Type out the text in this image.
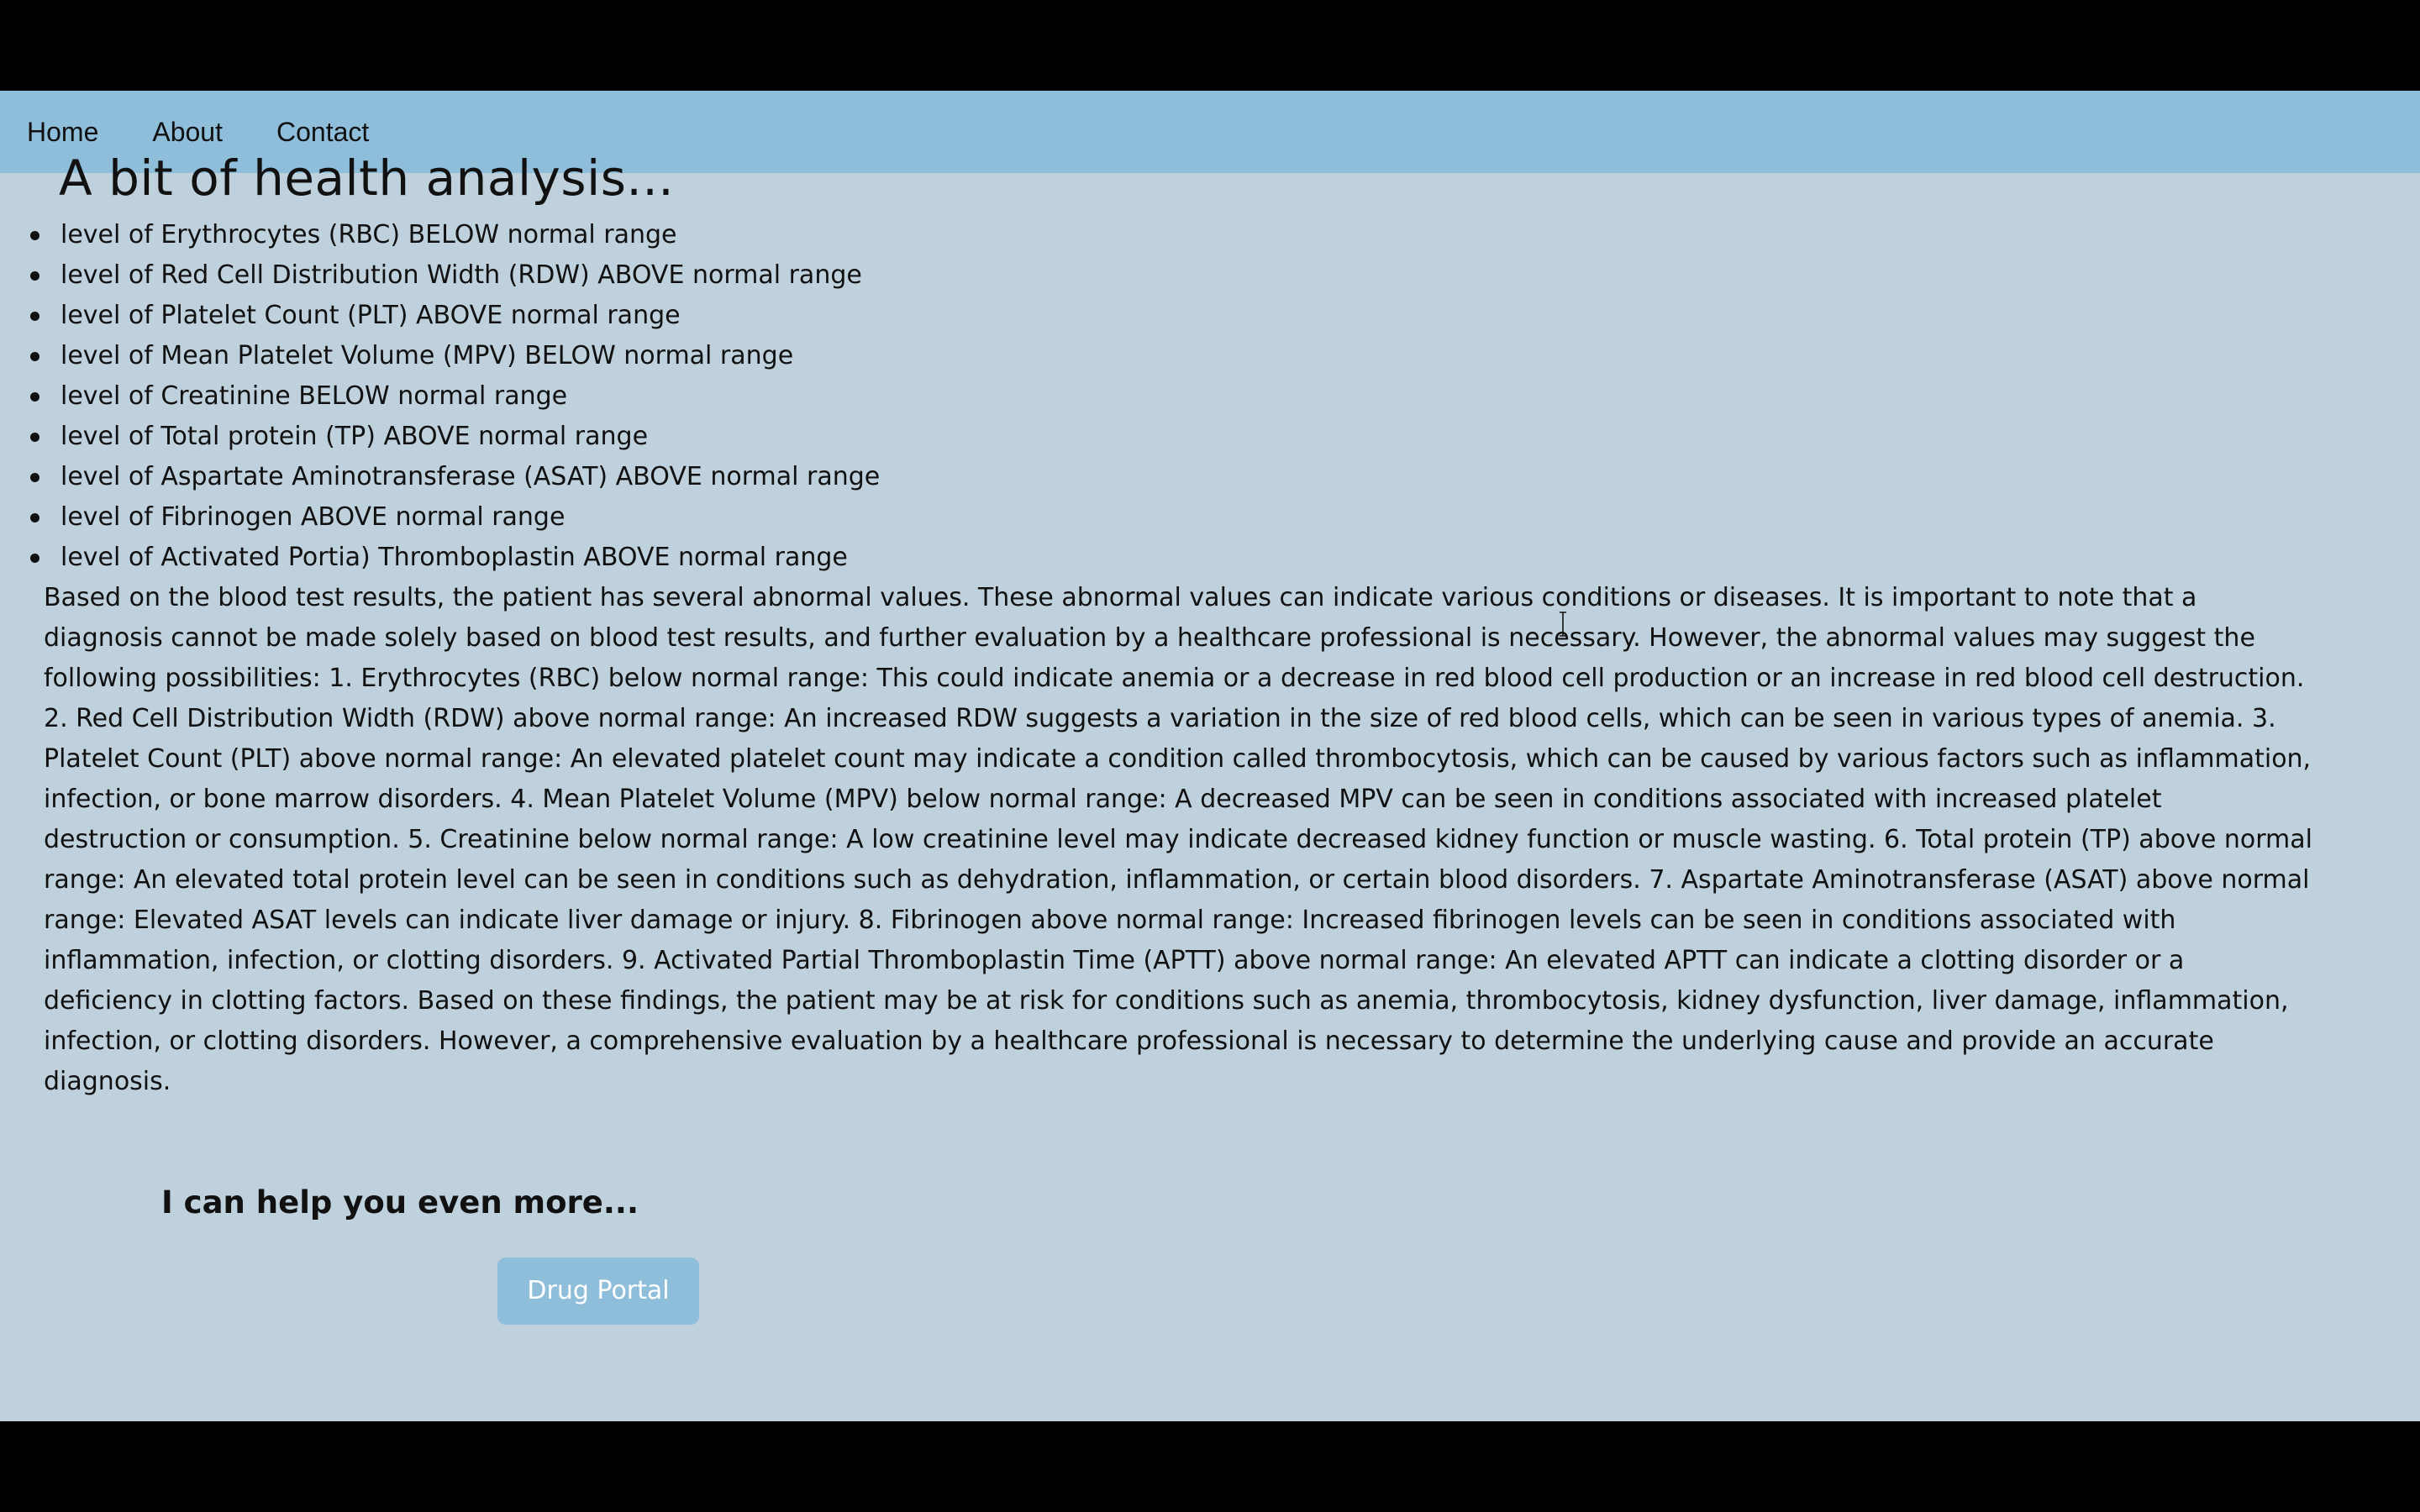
Home About Contact
A bit of health analysis...
level of Erythrocytes (RBC) BELOW normal range
level of Red Cell Distribution Width (RDW) ABOVE normal range
level of Platelet Count (PLT) ABOVE normal range
level of Mean Platelet Volume (MPV) BELOW normal range
level of Creatinine BELOW normal range
level of Total protein (TP) ABOVE normal range
level of Aspartate Aminotransferase (ASAT) ABOVE normal range
level of Fibrinogen ABOVE normal range
level of Activated Portia) Thromboplastin ABOVE normal range

Based on the blood test results, the patient has several abnormal values. These abnormal values can indicate various conditions or diseases. It is important to note that a diagnosis cannot be made solely based on blood test results, and further evaluation by a healthcare professional is necessary. However, the abnormal values may suggest the following possibilities: 1. Erythrocytes (RBC) below normal range: This could indicate anemia or a decrease in red blood cell production or an increase in red blood cell destruction. 2. Red Cell Distribution Width (RDW) above normal range: An increased RDW suggests a variation in the size of red blood cells, which can be seen in various types of anemia. 3. Platelet Count (PLT) above normal range: An elevated platelet count may indicate a condition called thrombocytosis, which can be caused by various factors such as inflammation, infection, or bone marrow disorders. 4. Mean Platelet Volume (MPV) below normal range: A decreased MPV can be seen in conditions associated with increased platelet destruction or consumption. 5. Creatinine below normal range: A low creatinine level may indicate decreased kidney function or muscle wasting. 6. Total protein (TP) above normal range: An elevated total protein level can be seen in conditions such as dehydration, inflammation, or certain blood disorders. 7. Aspartate Aminotransferase (ASAT) above normal range: Elevated ASAT levels can indicate liver damage or injury. 8. Fibrinogen above normal range: Increased fibrinogen levels can be seen in conditions associated with inflammation, infection, or clotting disorders. 9. Activated Partial Thromboplastin Time (APTT) above normal range: An elevated APTT can indicate a clotting disorder or a deficiency in clotting factors. Based on these findings, the patient may be at risk for conditions such as anemia, thrombocytosis, kidney dysfunction, liver damage, inflammation, infection, or clotting disorders. However, a comprehensive evaluation by a healthcare professional is necessary to determine the underlying cause and provide an accurate diagnosis.

I can help you even more...
Drug Portal
